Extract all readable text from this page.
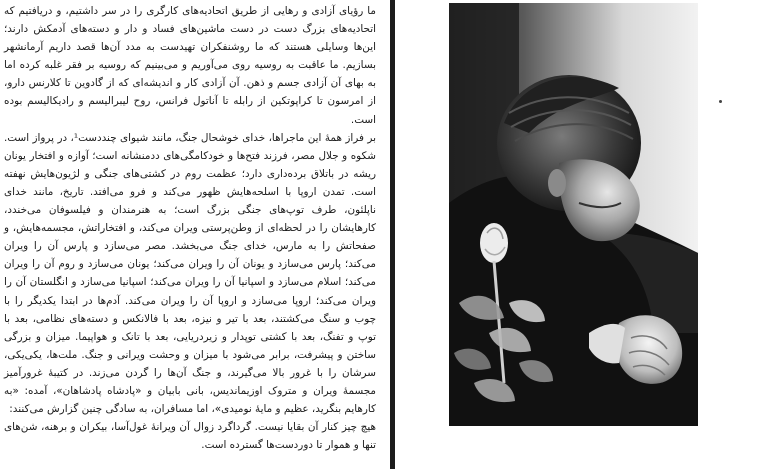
ما رؤیای آزادی و رهایی از طریق اتحادیه‌های کارگری را در سر داشتیم، و دریافتیم که اتحادیه‌های بزرگ دست در دست ماشین‌های فساد و دار و دسته‌های آدمکش دارند؛ این‌ها وسایلی هستند که ما روشنفکران تهیدست به مدد آن‌ها قصد داریم آرمانشهر بسازیم. ما عاقبت به روسیه روی می‌آوریم و می‌بینیم که روسیه بر فقر غلبه کرده اما به بهای آن آزادی جسم و ذهن. آن آزادی کار و اندیشه‌ای که از گادوین تا کلارنس دارو، از امرسون تا کراپوتکین از رابله تا آناتول فرانس، روح لیبرالیسم و رادیکالیسم بوده است.

بر فراز همهٔ این ماجراها، خدای خوشحال جنگ، مانند شیوای چنددست¹، در پرواز است. شکوه و جلال مصر، فرزند فتح‌ها و خودکامگی‌های ددمنشانه است؛ آوازه و افتخار یونان ریشه در باتلاق برده‌داری دارد؛ عظمت روم در کشتی‌های جنگی و لژیون‌هایش نهفته است. تمدن اروپا با اسلحه‌هایش ظهور می‌کند و فرو می‌افتد. تاریخ، مانند خدای ناپلئون، طرف توپ‌های جنگی بزرگ است؛ به هنرمندان و فیلسوفان می‌خندد، کارهایشان را در لحظه‌ای از وطن‌پرستی ویران می‌کند، و افتخاراتش، مجسمه‌هایش، و صفحاتش را به مارس، خدای جنگ می‌بخشد. مصر می‌سازد و پارس آن را ویران می‌کند؛ پارس می‌سازد و یونان آن را ویران می‌کند؛ یونان می‌سازد و روم آن را ویران می‌کند؛ اسلام می‌سازد و اسپانیا آن را ویران می‌کند؛ اسپانیا می‌سازد و انگلستان آن را ویران می‌کند؛ اروپا می‌سازد و اروپا آن را ویران می‌کند. آدم‌ها در ابتدا یکدیگر را با چوب و سنگ می‌کشتند، بعد با تیر و نیزه، بعد با فالانکس و دسته‌های نظامی، بعد با توپ و تفنگ، بعد با کشتی توپدار و زیردریایی، بعد با تانک و هواپیما. میزان و بزرگی ساختن و پیشرفت، برابر می‌شود با میزان و وحشت ویرانی و جنگ. ملت‌ها، یکی‌یکی، سرشان را با غرور بالا می‌گیرند، و جنگ آن‌ها را گردن می‌زند. در کتیبهٔ غرورآمیز مجسمهٔ ویران و متروک اوزیماندیس، بانی بابیان و «پادشاه پادشاهان»، آمده: «به کارهایم بنگرید، عظیم و مایهٔ نومیدی»، اما مسافران، به سادگی چنین گزارش می‌کنند:

هیچ چیز کنار آن بقایا نیست. گرداگرد زوال آن ویرانهٔ غول‌آسا، بیکران و برهنه، شن‌های تنها و هموار تا دوردست‌ها گسترده است.
